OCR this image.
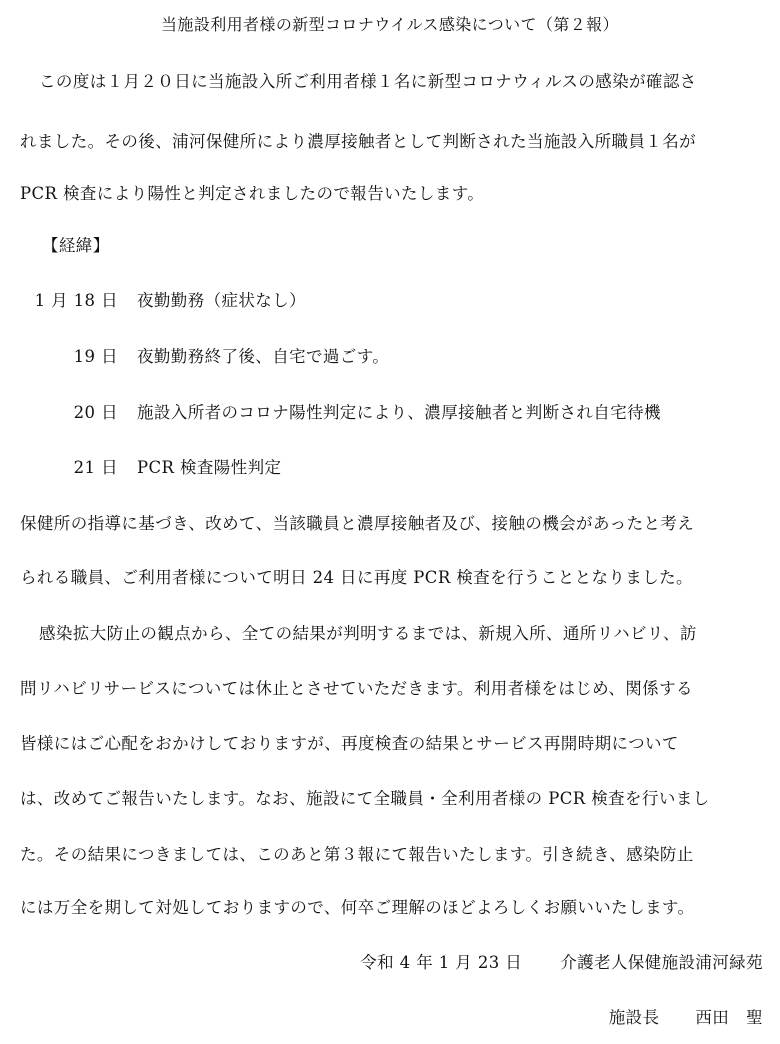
当施設利用者様の新型コロナウイルス感染について（第２報）
この度は１月２０日に当施設入所ご利用者様１名に新型コロナウィルスの感染が確認さ
れました。その後、浦河保健所により濃厚接触者として判断された当施設入所職員１名が
PCR 検査により陽性と判定されましたので報告いたします。
【経緯】
1 月 18 日 夜勤勤務（症状なし）
19 日 夜勤勤務終了後、自宅で過ごす。
20 日 施設入所者のコロナ陽性判定により、濃厚接触者と判断され自宅待機
21 日 PCR 検査陽性判定
保健所の指導に基づき、改めて、当該職員と濃厚接触者及び、接触の機会があったと考え
られる職員、ご利用者様について明日 24 日に再度 PCR 検査を行うこととなりました。
感染拡大防止の観点から、全ての結果が判明するまでは、新規入所、通所リハビリ、訪
問リハビリサービスについては休止とさせていただきます。利用者様をはじめ、関係する
皆様にはご心配をおかけしておりますが、再度検査の結果とサービス再開時期について
は、改めてご報告いたします。なお、施設にて全職員・全利用者様の PCR 検査を行いまし
た。その結果につきましては、このあと第３報にて報告いたします。引き続き、感染防止
には万全を期して対処しておりますので、何卒ご理解のほどよろしくお願いいたします。
令和 4 年 1 月 23 日 介護老人保健施設浦河緑苑
施設長 西田　聖
